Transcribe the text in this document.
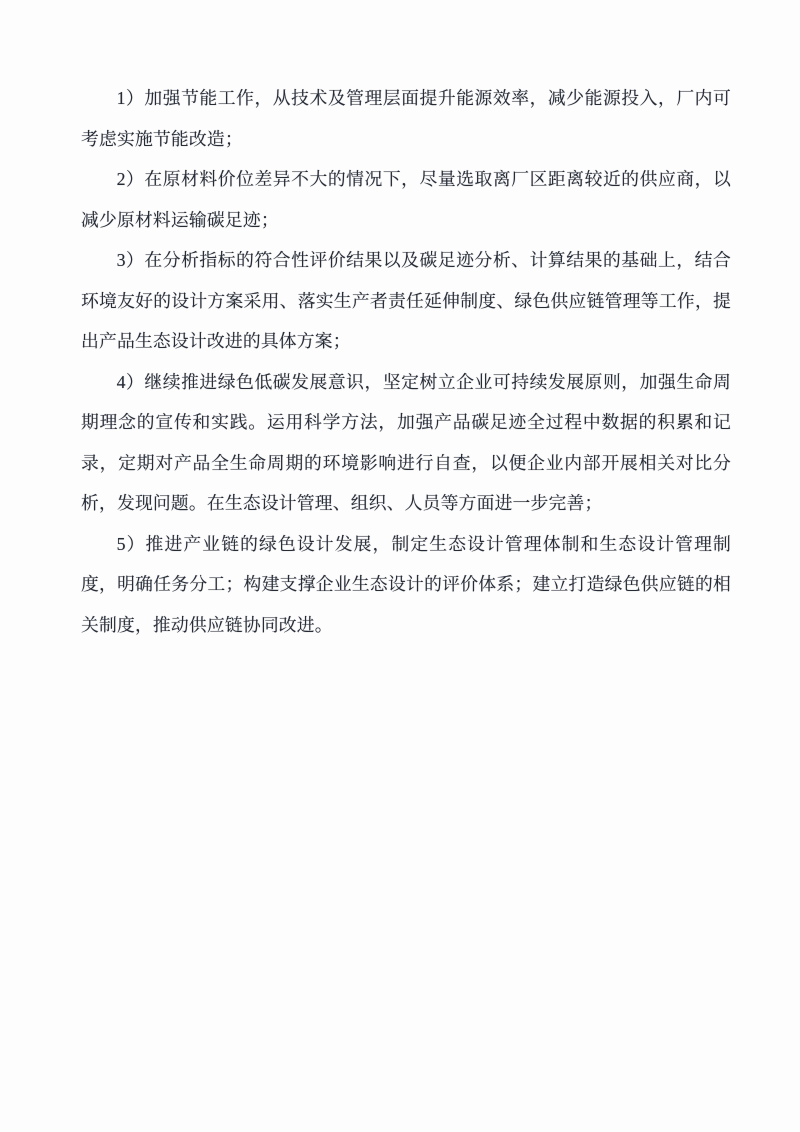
1）加强节能工作，从技术及管理层面提升能源效率，减少能源投入，厂内可考虑实施节能改造；

2）在原材料价位差异不大的情况下，尽量选取离厂区距离较近的供应商，以减少原材料运输碳足迹；

3）在分析指标的符合性评价结果以及碳足迹分析、计算结果的基础上，结合环境友好的设计方案采用、落实生产者责任延伸制度、绿色供应链管理等工作，提出产品生态设计改进的具体方案；

4）继续推进绿色低碳发展意识，坚定树立企业可持续发展原则，加强生命周期理念的宣传和实践。运用科学方法，加强产品碳足迹全过程中数据的积累和记录，定期对产品全生命周期的环境影响进行自查，以便企业内部开展相关对比分析，发现问题。在生态设计管理、组织、人员等方面进一步完善；

5）推进产业链的绿色设计发展，制定生态设计管理体制和生态设计管理制度，明确任务分工；构建支撑企业生态设计的评价体系；建立打造绿色供应链的相关制度，推动供应链协同改进。
